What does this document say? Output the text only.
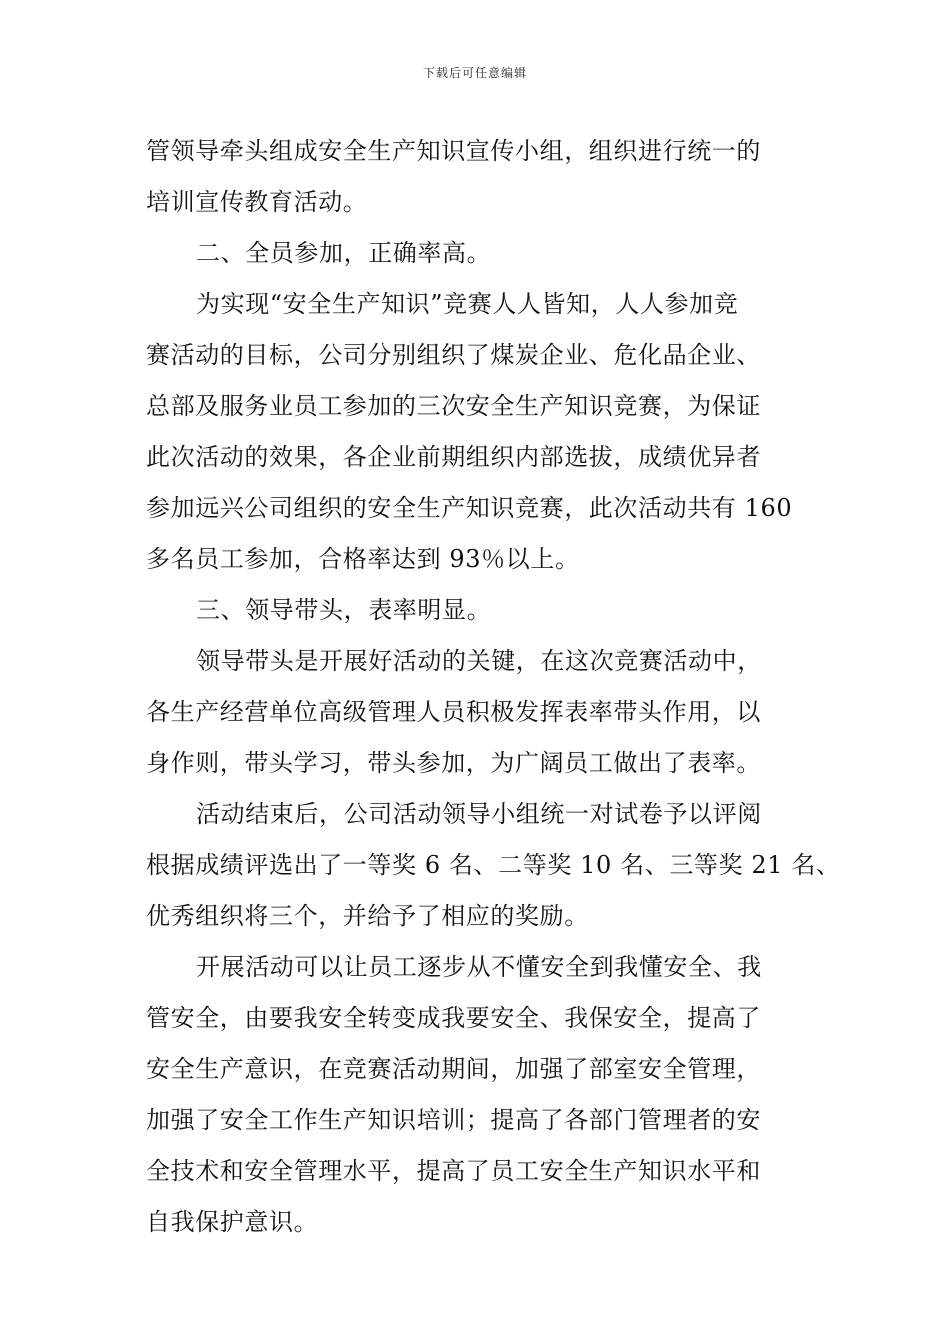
下载后可任意编辑
管领导牵头组成安全生产知识宣传小组，组织进行统一的
培训宣传教育活动。
二、全员参加，正确率高。
为实现“安全生产知识”竞赛人人皆知，人人参加竞
赛活动的目标，公司分别组织了煤炭企业、危化品企业、
总部及服务业员工参加的三次安全生产知识竞赛，为保证
此次活动的效果，各企业前期组织内部选拔，成绩优异者
参加远兴公司组织的安全生产知识竞赛，此次活动共有 160
多名员工参加，合格率达到 93％以上。
三、领导带头，表率明显。
领导带头是开展好活动的关键，在这次竞赛活动中，
各生产经营单位高级管理人员积极发挥表率带头作用，以
身作则，带头学习，带头参加，为广阔员工做出了表率。
活动结束后，公司活动领导小组统一对试卷予以评阅
根据成绩评选出了一等奖 6 名、二等奖 10 名、三等奖 21 名、
优秀组织将三个，并给予了相应的奖励。
开展活动可以让员工逐步从不懂安全到我懂安全、我
管安全，由要我安全转变成我要安全、我保安全，提高了
安全生产意识，在竞赛活动期间，加强了部室安全管理，
加强了安全工作生产知识培训；提高了各部门管理者的安
全技术和安全管理水平，提高了员工安全生产知识水平和
自我保护意识。
